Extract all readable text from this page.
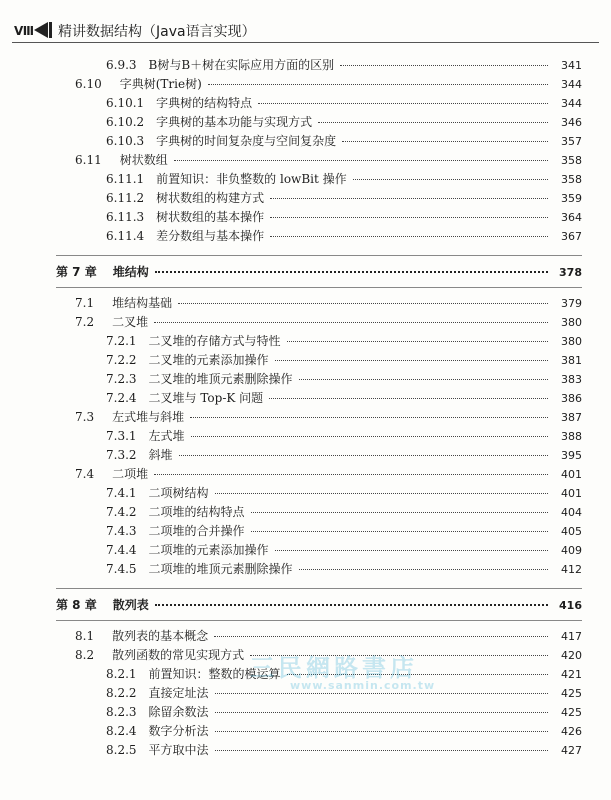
Ⅷ 精讲数据结构（Java语言实现）
6.9.3	B树与B＋树在实际应用方面的区别	341
6.10	字典树(Trie树)	344
6.10.1	字典树的结构特点	344
6.10.2	字典树的基本功能与实现方式	346
6.10.3	字典树的时间复杂度与空间复杂度	357
6.11	树状数组	358
6.11.1	前置知识：非负整数的 lowBit 操作	358
6.11.2	树状数组的构建方式	359
6.11.3	树状数组的基本操作	364
6.11.4	差分数组与基本操作	367
第 7 章	堆结构	378
7.1	堆结构基础	379
7.2	二叉堆	380
7.2.1	二叉堆的存储方式与特性	380
7.2.2	二叉堆的元素添加操作	381
7.2.3	二叉堆的堆顶元素删除操作	383
7.2.4	二叉堆与 Top-K 问题	386
7.3	左式堆与斜堆	387
7.3.1	左式堆	388
7.3.2	斜堆	395
7.4	二项堆	401
7.4.1	二项树结构	401
7.4.2	二项堆的结构特点	404
7.4.3	二项堆的合并操作	405
7.4.4	二项堆的元素添加操作	409
7.4.5	二项堆的堆顶元素删除操作	412
第 8 章	散列表	416
8.1	散列表的基本概念	417
8.2	散列函数的常见实现方式	420
8.2.1	前置知识：整数的模运算	421
8.2.2	直接定址法	425
8.2.3	除留余数法	425
8.2.4	数字分析法	426
8.2.5	平方取中法	427
三民網路書店
www.sanmin.com.tw
